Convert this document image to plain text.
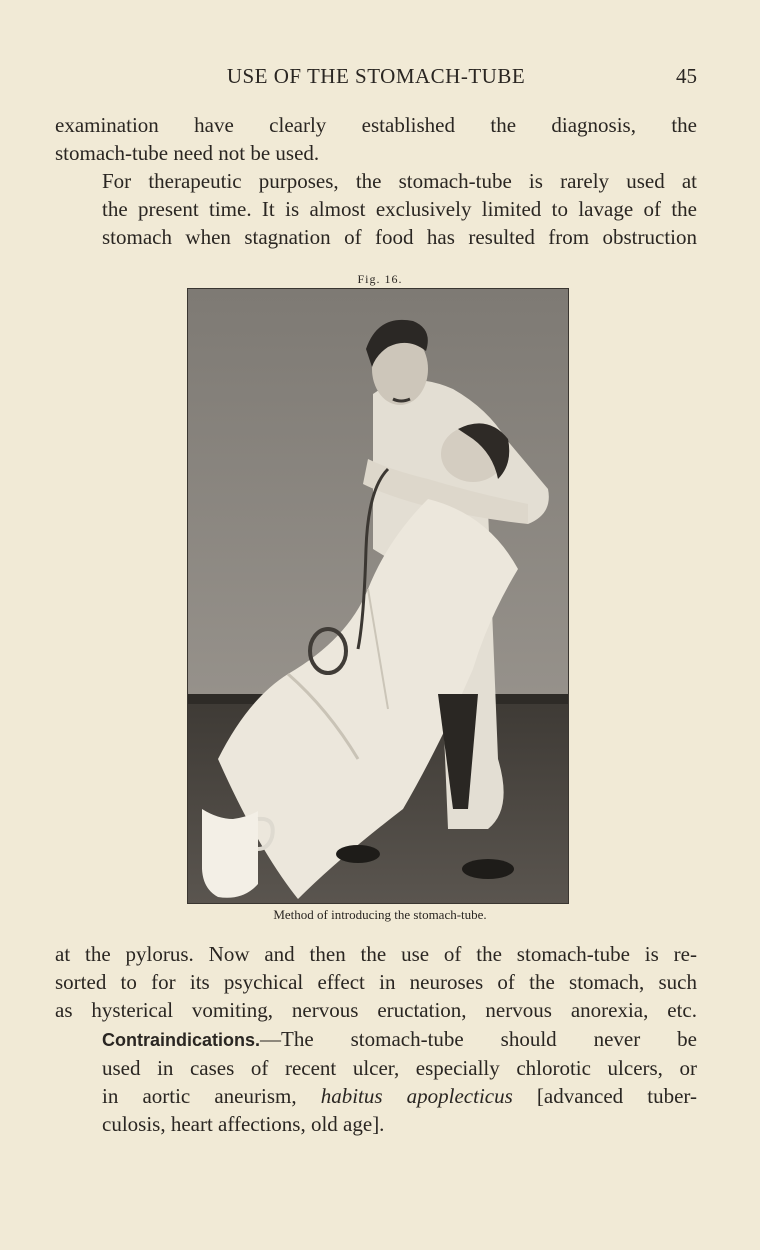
USE OF THE STOMACH-TUBE	45
examination have clearly established the diagnosis, the
stomach-tube need not be used.
For therapeutic purposes, the stomach-tube is rarely used at
the present time. It is almost exclusively limited to lavage of the
stomach when stagnation of food has resulted from obstruction
Fig. 16.
Method of introducing the stomach-tube.
at the pylorus. Now and then the use of the stomach-tube is re-
sorted to for its psychical effect in neuroses of the stomach, such
as hysterical vomiting, nervous eructation, nervous anorexia, etc.
Contraindications.—The stomach-tube should never be
used in cases of recent ulcer, especially chlorotic ulcers, or
in aortic aneurism, habitus apoplecticus [advanced tuber-
culosis, heart affections, old age].
